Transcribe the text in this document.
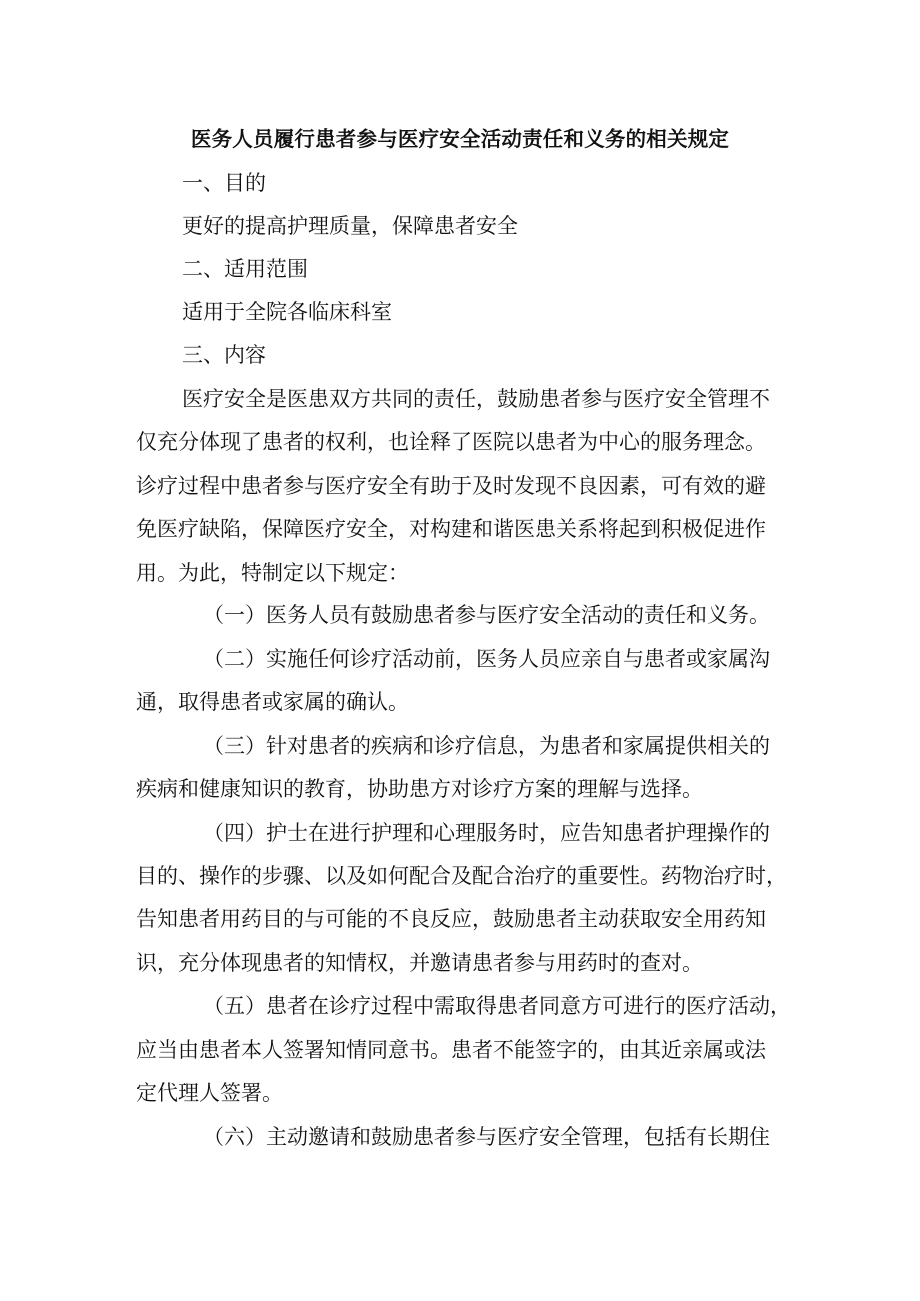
医务人员履行患者参与医疗安全活动责任和义务的相关规定
一、目的
更好的提高护理质量，保障患者安全
二、适用范围
适用于全院各临床科室
三、内容
医疗安全是医患双方共同的责任，鼓励患者参与医疗安全管理不
仅充分体现了患者的权利，也诠释了医院以患者为中心的服务理念。
诊疗过程中患者参与医疗安全有助于及时发现不良因素，可有效的避
免医疗缺陷，保障医疗安全，对构建和谐医患关系将起到积极促进作
用。为此，特制定以下规定：
（一）医务人员有鼓励患者参与医疗安全活动的责任和义务。
（二）实施任何诊疗活动前，医务人员应亲自与患者或家属沟
通，取得患者或家属的确认。
（三）针对患者的疾病和诊疗信息，为患者和家属提供相关的
疾病和健康知识的教育，协助患方对诊疗方案的理解与选择。
（四）护士在进行护理和心理服务时，应告知患者护理操作的
目的、操作的步骤、以及如何配合及配合治疗的重要性。药物治疗时，
告知患者用药目的与可能的不良反应，鼓励患者主动获取安全用药知
识，充分体现患者的知情权，并邀请患者参与用药时的查对。
（五）患者在诊疗过程中需取得患者同意方可进行的医疗活动，
应当由患者本人签署知情同意书。患者不能签字的，由其近亲属或法
定代理人签署。
（六）主动邀请和鼓励患者参与医疗安全管理，包括有长期住
